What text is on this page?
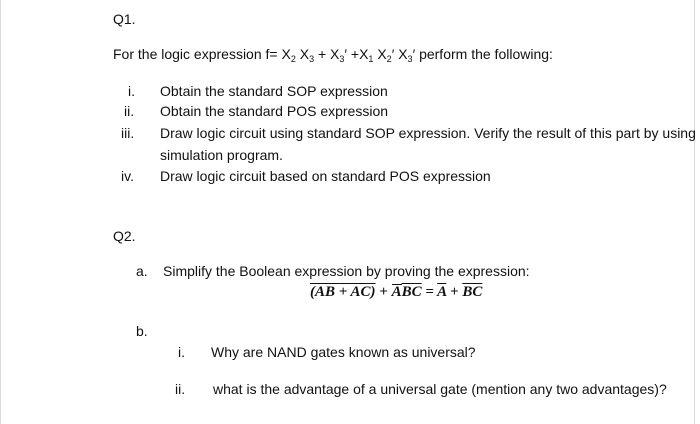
Q1.
For the logic expression $f= X_2$ $X_3 + X_3' +X_1$ $X_2'$ $X_3'$ perform the following:
i. Obtain the standard SOP expression
ii. Obtain the standard POS expression
iii. Draw logic circuit using standard SOP expression. Verify the result of this part by using
simulation program.
iv. Draw logic circuit based on standard POS expression
Q2.
a. Simplify the Boolean expression by proving the expression:
$(AB + AC) + A\overline{BC} = \overline{A} + \overline{BC}$
b.
i. Why are NAND gates known as universal?
ii. what is the advantage of a universal gate (mention any two advantages)?
